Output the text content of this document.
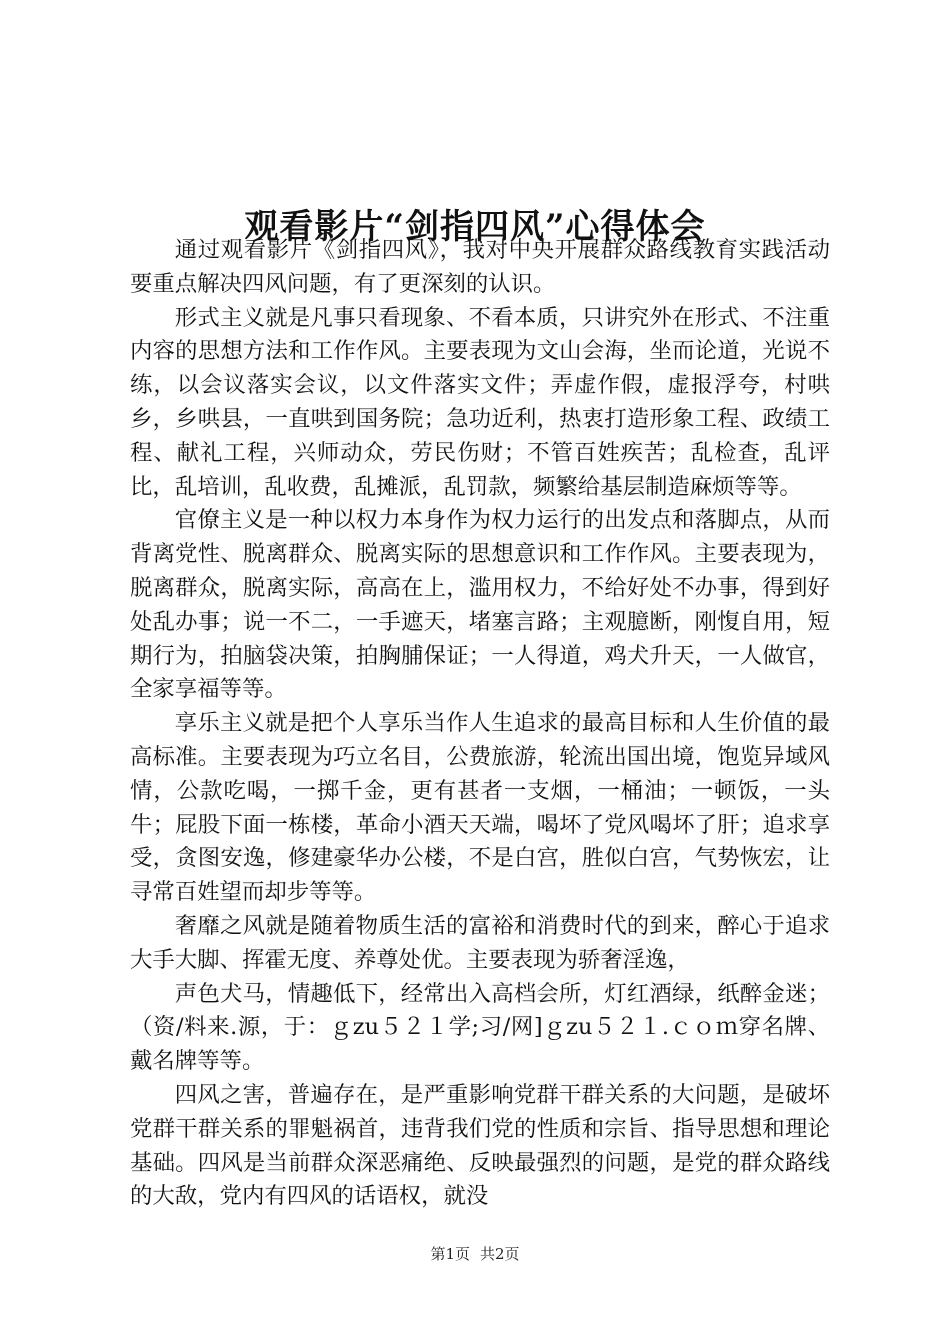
观看影片“剑指四风”心得体会

通过观看影片《剑指四风》，我对中央开展群众路线教育实践活动要重点解决四风问题，有了更深刻的认识。

形式主义就是凡事只看现象、不看本质，只讲究外在形式、不注重内容的思想方法和工作作风。主要表现为文山会海，坐而论道，光说不练，以会议落实会议，以文件落实文件；弄虚作假，虚报浮夸，村哄乡，乡哄县，一直哄到国务院；急功近利，热衷打造形象工程、政绩工程、献礼工程，兴师动众，劳民伤财；不管百姓疾苦；乱检查，乱评比，乱培训，乱收费，乱摊派，乱罚款，频繁给基层制造麻烦等等。

官僚主义是一种以权力本身作为权力运行的出发点和落脚点，从而背离党性、脱离群众、脱离实际的思想意识和工作作风。主要表现为，脱离群众，脱离实际，高高在上，滥用权力，不给好处不办事，得到好处乱办事；说一不二，一手遮天，堵塞言路；主观臆断，刚愎自用，短期行为，拍脑袋决策，拍胸脯保证；一人得道，鸡犬升天，一人做官，全家享福等等。

享乐主义就是把个人享乐当作人生追求的最高目标和人生价值的最高标准。主要表现为巧立名目，公费旅游，轮流出国出境，饱览异域风情，公款吃喝，一掷千金，更有甚者一支烟，一桶油；一顿饭，一头牛；屁股下面一栋楼，革命小酒天天端，喝坏了党风喝坏了肝；追求享受，贪图安逸，修建豪华办公楼，不是白宫，胜似白宫，气势恢宏，让寻常百姓望而却步等等。

奢靡之风就是随着物质生活的富裕和消费时代的到来，醉心于追求大手大脚、挥霍无度、养尊处优。主要表现为骄奢淫逸，

声色犬马，情趣低下，经常出入高档会所，灯红酒绿，纸醉金迷；（资/料来.源，于：ｇzu５２１学;习/网]ｇzu５２１.ｃｏｍ穿名牌、戴名牌等等。

四风之害，普遍存在，是严重影响党群干群关系的大问题，是破坏党群干群关系的罪魁祸首，违背我们党的性质和宗旨、指导思想和理论基础。四风是当前群众深恶痛绝、反映最强烈的问题，是党的群众路线的大敌，党内有四风的话语权，就没

第1页 共2页
